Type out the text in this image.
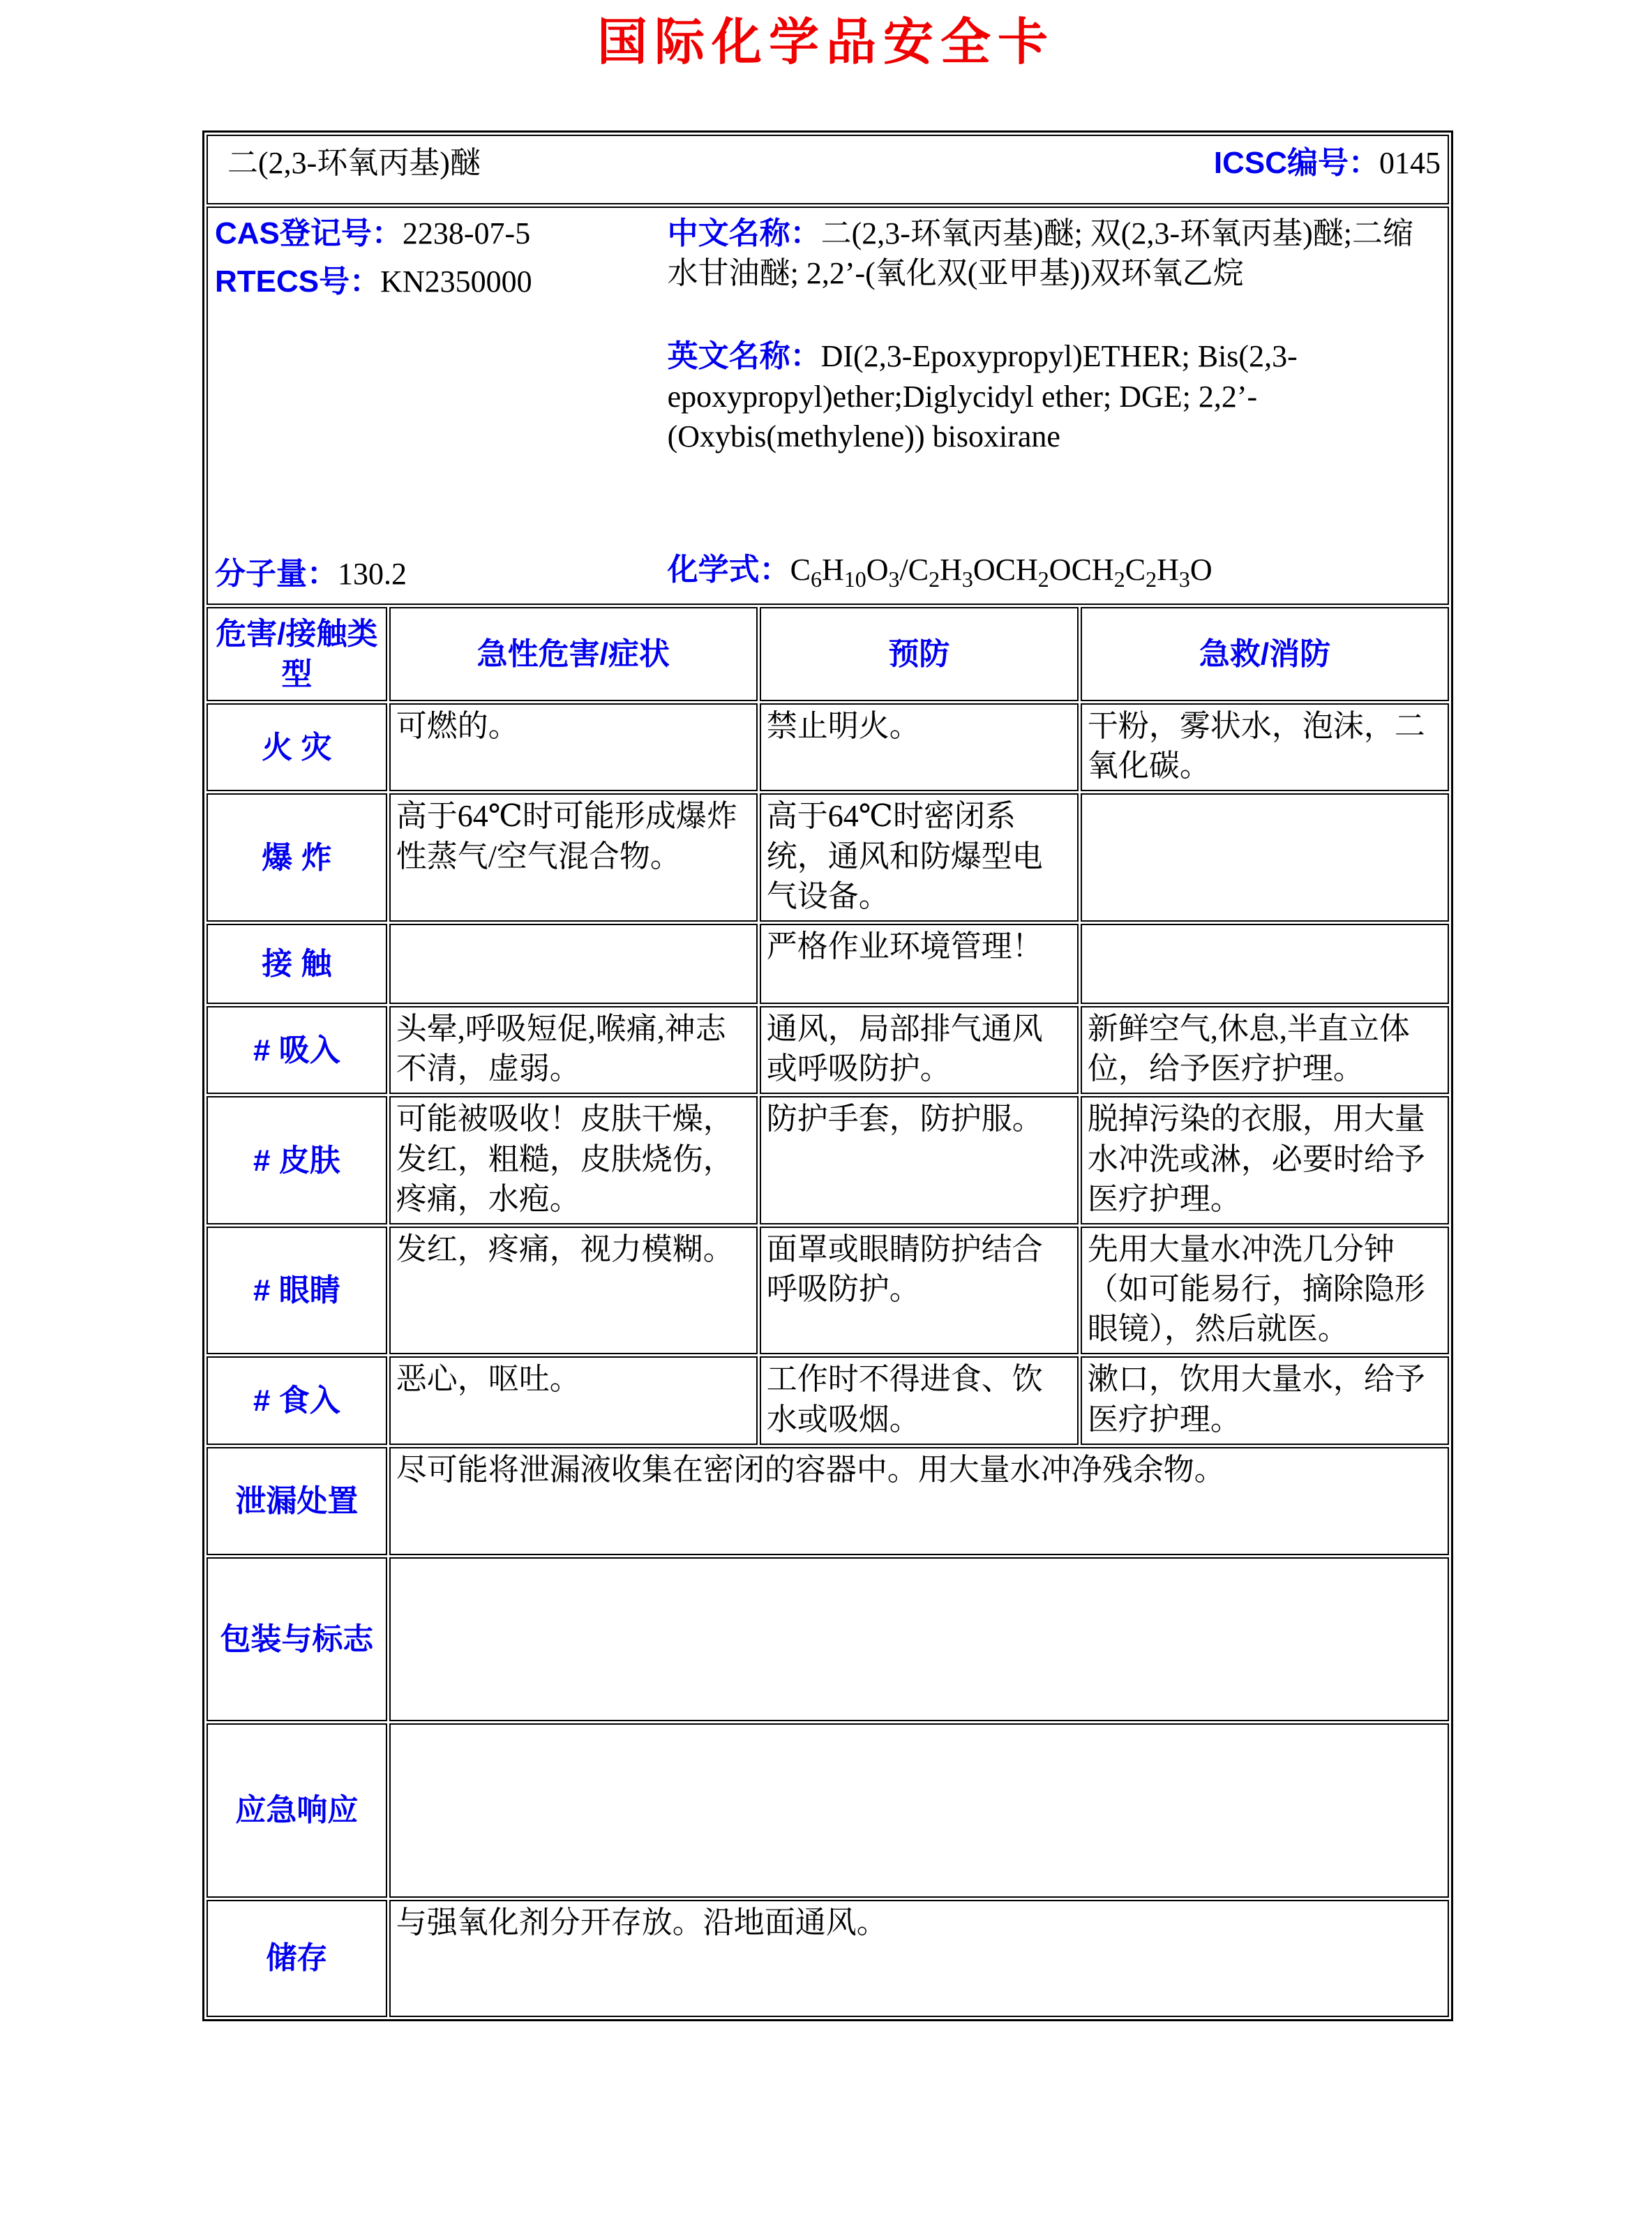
国际化学品安全卡
二(2,3-环氧丙基)醚 ICSC编号：0145			

CAS登记号：2238-07-5
RTECS号：KN2350000
分子量：130.2

中文名称：二(2,3-环氧丙基)醚; 双(2,3-环氧丙基)醚;二缩水甘油醚; 2,2’-(氧化双(亚甲基))双环氧乙烷

英文名称：DI(2,3-Epoxypropyl)ETHER; Bis(2,3-epoxypropyl)ether;Diglycidyl ether; DGE; 2,2’-(Oxybis(methylene)) bisoxirane

化学式：$C_6H_{10}O_3/C_2H_3OCH_2OCH_2C_2H_3O$

危害/接触类型	急性危害/症状	预防	急救/消防
火 灾	可燃的。	禁止明火。	干粉，雾状水，泡沫，二氧化碳。
爆 炸	高于64℃时可能形成爆炸性蒸气/空气混合物。	高于64℃时密闭系统，通风和防爆型电气设备。	
接 触		严格作业环境管理！	
# 吸入	头晕,呼吸短促,喉痛,神志不清，虚弱。	通风，局部排气通风或呼吸防护。	新鲜空气,休息,半直立体位，给予医疗护理。
# 皮肤	可能被吸收！皮肤干燥，发红，粗糙，皮肤烧伤，疼痛，水疱。	防护手套，防护服。	脱掉污染的衣服，用大量水冲洗或淋，必要时给予医疗护理。
# 眼睛	发红，疼痛，视力模糊。	面罩或眼睛防护结合呼吸防护。	先用大量水冲洗几分钟（如可能易行，摘除隐形眼镜），然后就医。
# 食入	恶心，呕吐。	工作时不得进食、饮水或吸烟。	漱口，饮用大量水，给予医疗护理。
泄漏处置	尽可能将泄漏液收集在密闭的容器中。用大量水冲净残余物。		
包装与标志			
应急响应			
储存	与强氧化剂分开存放。沿地面通风。		
